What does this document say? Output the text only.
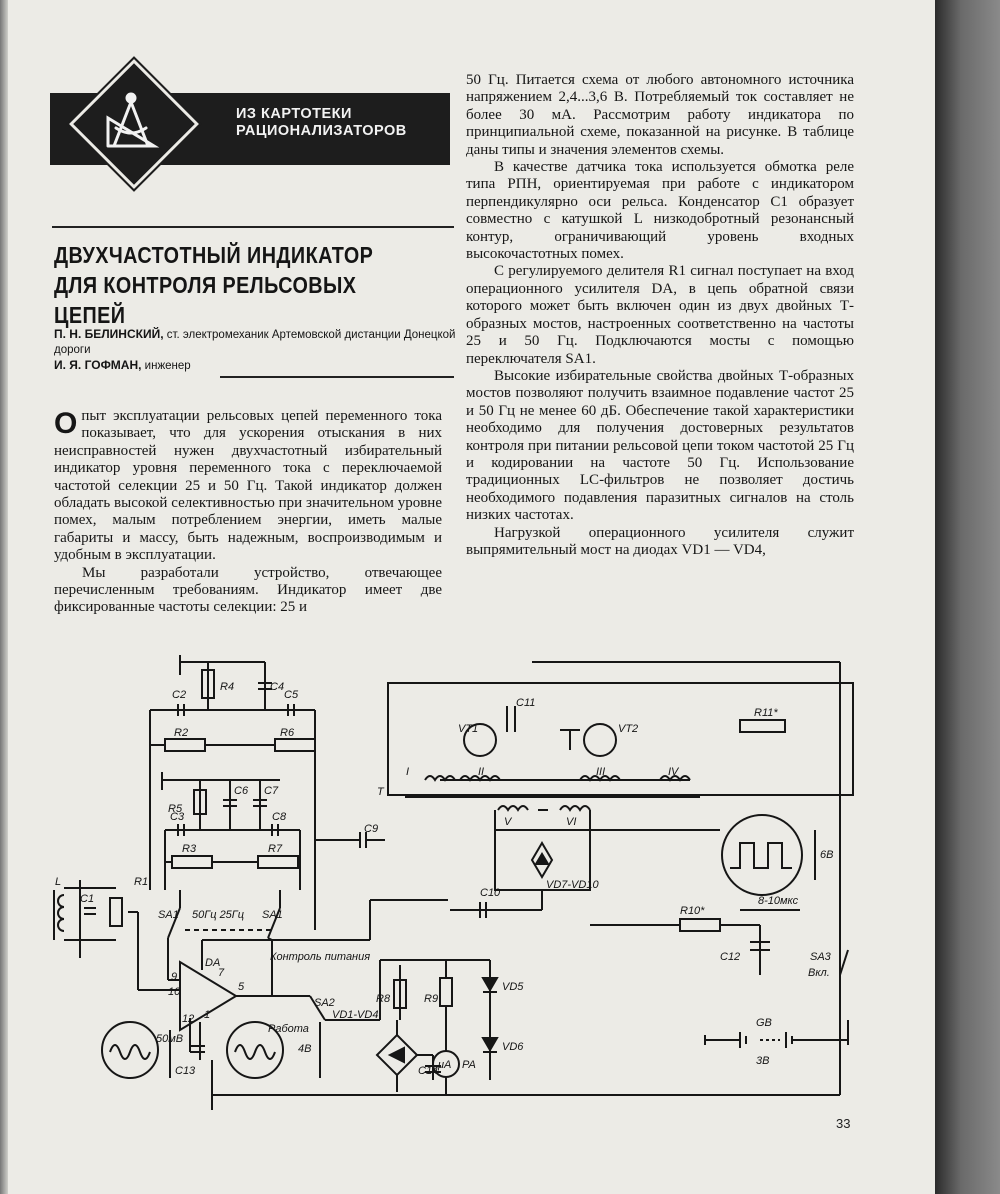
ИЗ КАРТОТЕКИ
РАЦИОНАЛИЗАТОРОВ
ДВУХЧАСТОТНЫЙ ИНДИКАТОР
ДЛЯ КОНТРОЛЯ РЕЛЬСОВЫХ ЦЕПЕЙ
П. Н. БЕЛИНСКИЙ, ст. электромеханик Артемовской дистанции Донецкой дороги
И. Я. ГОФМАН, инженер

Опыт эксплуатации рельсовых цепей переменного тока показывает, что для ускорения отыскания в них неисправностей нужен двухчастотный избирательный индикатор уровня переменного тока с переключаемой частотой селекции 25 и 50 Гц. Такой индикатор должен обладать высокой селективностью при значительном уровне помех, малым потреблением энергии, иметь малые габариты и массу, быть надежным, воспроизводимым и удобным в эксплуатации.

Мы разработали устройство, отвечающее перечисленным требованиям. Индикатор имеет две фиксированные частоты селекции: 25 и

50 Гц. Питается схема от любого автономного источника напряжением 2,4...3,6 В. Потребляемый ток составляет не более 30 мА. Рассмотрим работу индикатора по принципиальной схеме, показанной на рисунке. В таблице даны типы и значения элементов схемы.

В качестве датчика тока используется обмотка реле типа РПН, ориентируемая при работе с индикатором перпендикулярно оси рельса. Конденсатор С1 образует совместно с катушкой L низкодобротный резонансный контур, ограничивающий уровень входных высокочастотных помех.

С регулируемого делителя R1 сигнал поступает на вход операционного усилителя DA, в цепь обратной связи которого может быть включен один из двух двойных Т-образных мостов, настроенных соответственно на частоты 25 и 50 Гц. Подключаются мосты с помощью переключателя SA1.

Высокие избирательные свойства двойных Т-образных мостов позволяют получить взаимное подавление частот 25 и 50 Гц не менее 60 дБ. Обеспечение такой характеристики необходимо для получения достоверных результатов контроля при питании рельсовой цепи током частотой 25 Гц и кодировании на частоте 50 Гц. Использование традиционных LC-фильтров не позволяет достичь необходимого подавления паразитных сигналов на столь низких частотах.

Нагрузкой операционного усилителя служит выпрямительный мост на диодах VD1 — VD4,

R1
L
C1
C2
R2
R4	C4
C5
R6
R5
C3
C6 C7
C8
R3	R7
SA1 50Гц 25Гц SA1
C9
C10
DA
9
10
7
5
12 1
C13
Контроль питания
SA2
Работа
VD1-VD4
R8	R9
C14 μA PA
VD5
VD6
C11
VT1	VT2
R11*
I	II	III	IV
T
V	VI
VD7-VD10
R10*
C12	SA3
Вкл.
GB
3В
50мВ
4В
6В
8-10мкс
33
